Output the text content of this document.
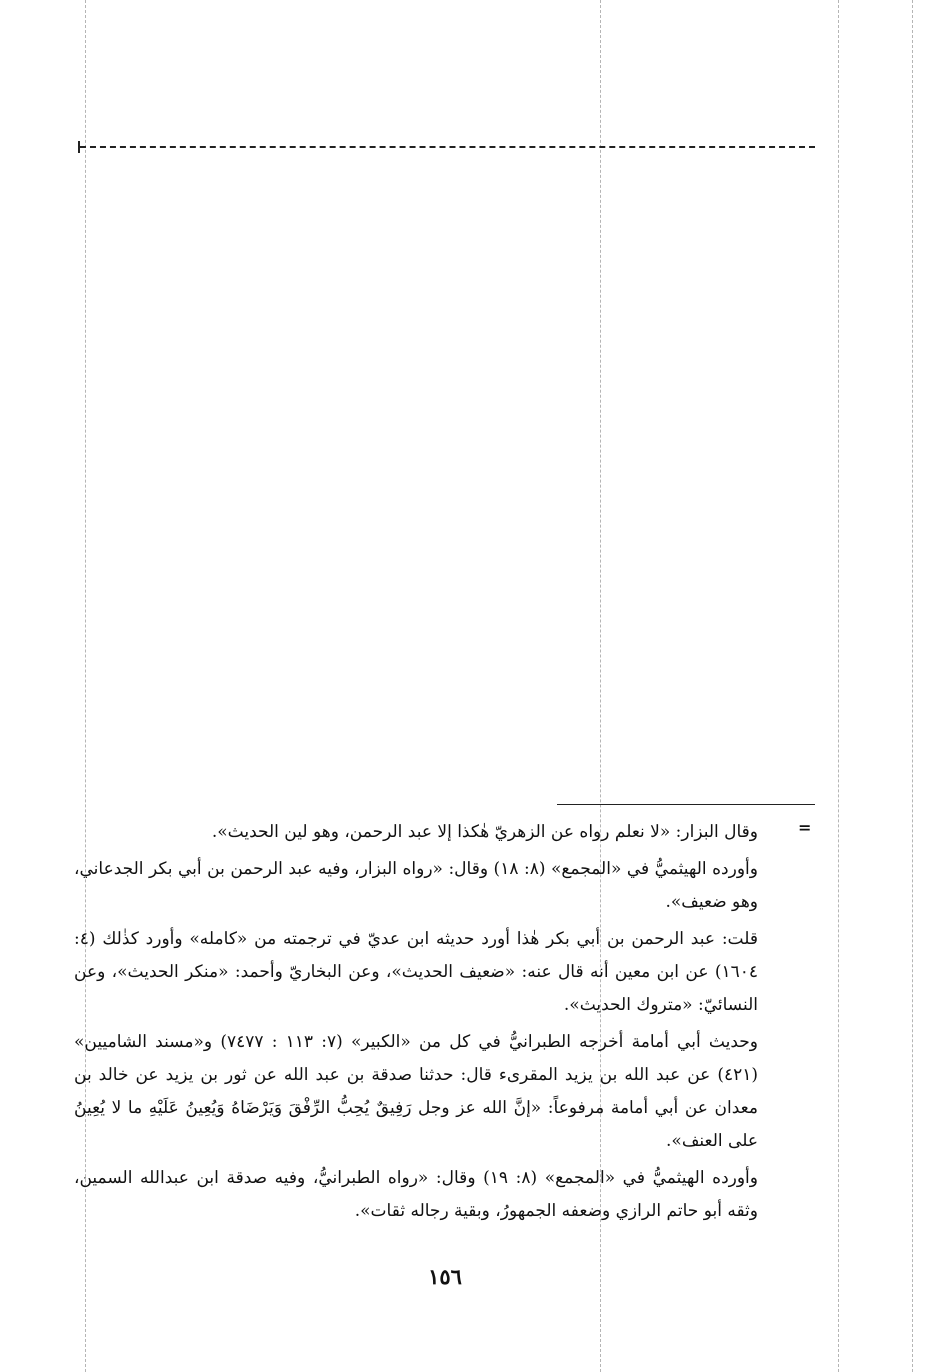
=

وقال البزار: «لا نعلم رواه عن الزهريّ هٰكذا إلا عبد الرحمن، وهو لين الحديث».

وأورده الهيثميُّ في «المجمع» (٨: ١٨) وقال: «رواه البزار، وفيه عبد الرحمن بن أبي بكر الجدعاني، وهو ضعيف».

قلت: عبد الرحمن بن أبي بكر هٰذا أورد حديثه ابن عديّ في ترجمته من «كامله» وأورد كذٰلك (٤: ١٦٠٤) عن ابن معين أنه قال عنه: «ضعيف الحديث»، وعن البخاريّ وأحمد: «منكر الحديث»، وعن النسائيّ: «متروك الحديث».

وحديث أبي أمامة أخرجه الطبرانيُّ في كل من «الكبير» (٧: ١١٣ : ٧٤٧٧) و«مسند الشاميين» (٤٢١) عن عبد الله بن يزيد المقرىء قال: حدثنا صدقة بن عبد الله عن ثور بن يزيد عن خالد بن معدان عن أبي أمامة مرفوعاً: «إنَّ الله عز وجل رَفِيقٌ يُحِبُّ الرِّفْقَ وَيَرْضَاهُ وَيُعِينُ عَلَيْهِ ما لا يُعِينُ على العنف».

وأورده الهيثميُّ في «المجمع» (٨: ١٩) وقال: «رواه الطبرانيُّ، وفيه صدقة ابن عبدالله السمين، وثقه أبو حاتم الرازي وضعفه الجمهورُ، وبقية رجاله ثقات».

١٥٦
